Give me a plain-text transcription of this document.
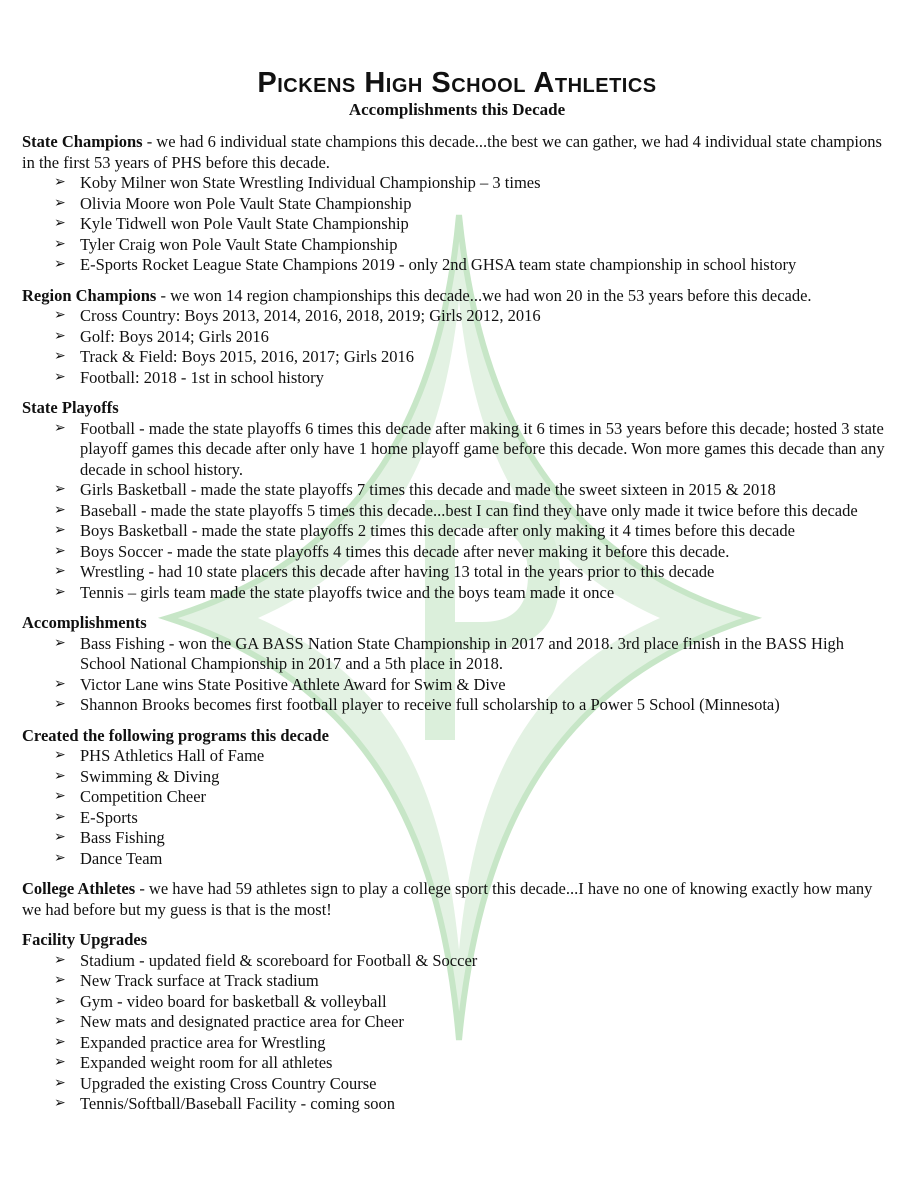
Pickens High School Athletics
Accomplishments this Decade

State Champions - we had 6 individual state champions this decade...the best we can gather, we had 4 individual state champions in the first 53 years of PHS before this decade.

➢ Koby Milner won State Wrestling Individual Championship – 3 times
➢ Olivia Moore won Pole Vault State Championship
➢ Kyle Tidwell won Pole Vault State Championship
➢ Tyler Craig won Pole Vault State Championship
➢ E-Sports Rocket League State Champions 2019 - only 2nd GHSA team state championship in school history

Region Champions - we won 14 region championships this decade...we had won 20 in the 53 years before this decade.

➢ Cross Country: Boys 2013, 2014, 2016, 2018, 2019; Girls 2012, 2016
➢ Golf: Boys 2014; Girls 2016
➢ Track & Field: Boys 2015, 2016, 2017; Girls 2016
➢ Football: 2018 - 1st in school history

State Playoffs

➢ Football - made the state playoffs 6 times this decade after making it 6 times in 53 years before this decade; hosted 3 state playoff games this decade after only have 1 home playoff game before this decade. Won more games this decade than any decade in school history.
➢ Girls Basketball - made the state playoffs 7 times this decade and made the sweet sixteen in 2015 & 2018
➢ Baseball - made the state playoffs 5 times this decade...best I can find they have only made it twice before this decade
➢ Boys Basketball - made the state playoffs 2 times this decade after only making it 4 times before this decade
➢ Boys Soccer - made the state playoffs 4 times this decade after never making it before this decade.
➢ Wrestling - had 10 state placers this decade after having 13 total in the years prior to this decade
➢ Tennis – girls team made the state playoffs twice and the boys team made it once

Accomplishments

➢ Bass Fishing - won the GA BASS Nation State Championship in 2017 and 2018. 3rd place finish in the BASS High School National Championship in 2017 and a 5th place in 2018.
➢ Victor Lane wins State Positive Athlete Award for Swim & Dive
➢ Shannon Brooks becomes first football player to receive full scholarship to a Power 5 School (Minnesota)

Created the following programs this decade

➢ PHS Athletics Hall of Fame
➢ Swimming & Diving
➢ Competition Cheer
➢ E-Sports
➢ Bass Fishing
➢ Dance Team

College Athletes - we have had 59 athletes sign to play a college sport this decade...I have no one of knowing exactly how many we had before but my guess is that is the most!

Facility Upgrades

➢ Stadium - updated field & scoreboard for Football & Soccer
➢ New Track surface at Track stadium
➢ Gym - video board for basketball & volleyball
➢ New mats and designated practice area for Cheer
➢ Expanded practice area for Wrestling
➢ Expanded weight room for all athletes
➢ Upgraded the existing Cross Country Course
➢ Tennis/Softball/Baseball Facility - coming soon
